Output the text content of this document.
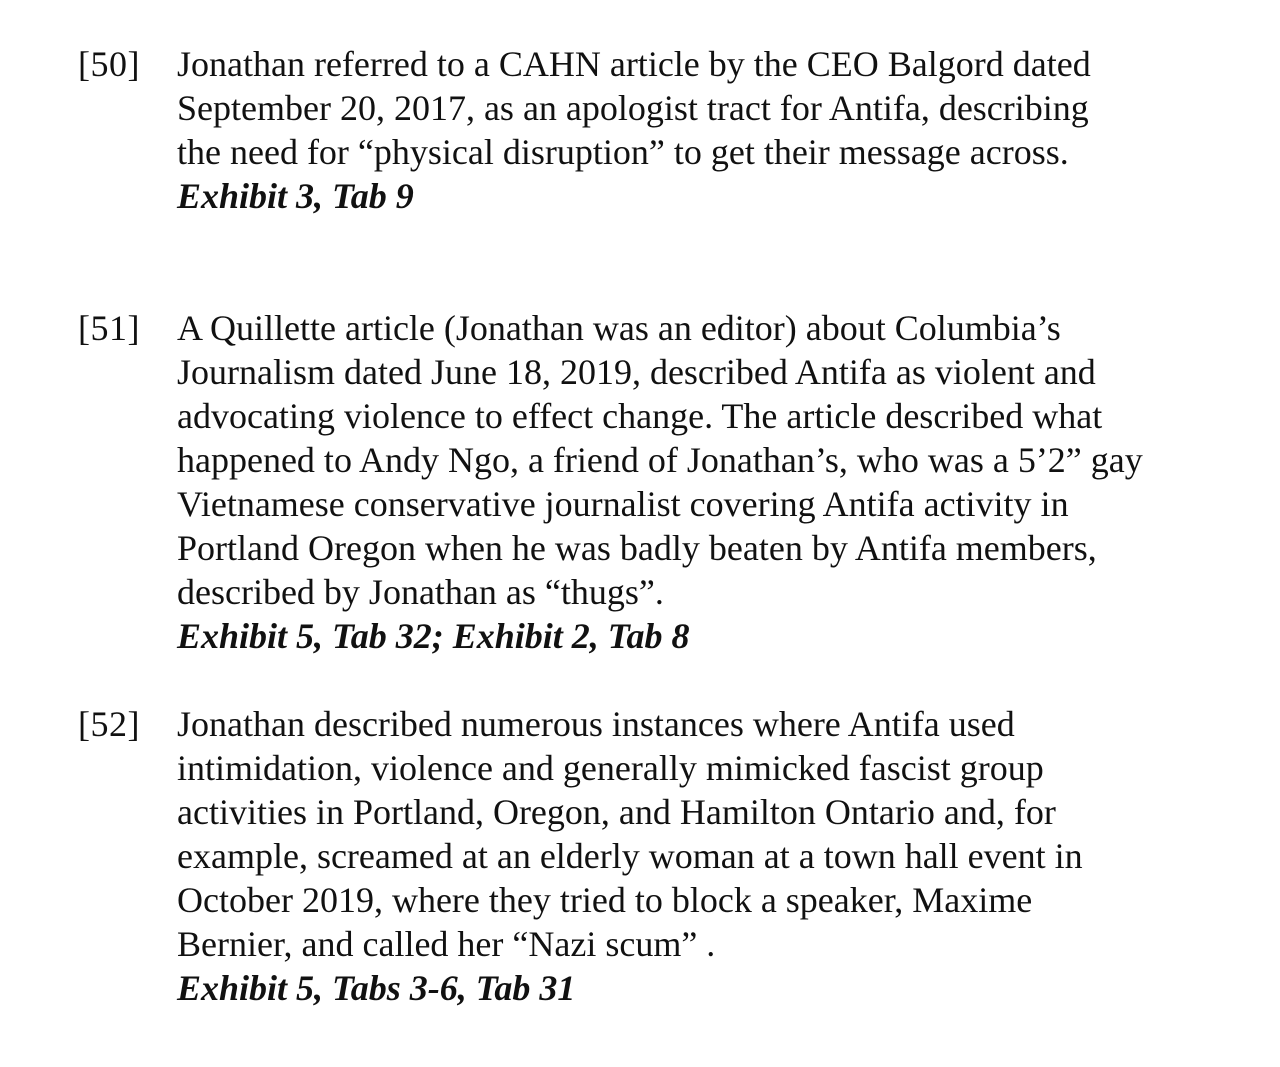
[50] Jonathan referred to a CAHN article by the CEO Balgord dated
September 20, 2017, as an apologist tract for Antifa, describing
the need for “physical disruption” to get their message across.
Exhibit 3, Tab 9
[51] A Quillette article (Jonathan was an editor) about Columbia’s
Journalism dated June 18, 2019, described Antifa as violent and
advocating violence to effect change. The article described what
happened to Andy Ngo, a friend of Jonathan’s, who was a 5’2” gay
Vietnamese conservative journalist covering Antifa activity in
Portland Oregon when he was badly beaten by Antifa members,
described by Jonathan as “thugs”.
Exhibit 5, Tab 32; Exhibit 2, Tab 8
[52] Jonathan described numerous instances where Antifa used
intimidation, violence and generally mimicked fascist group
activities in Portland, Oregon, and Hamilton Ontario and, for
example, screamed at an elderly woman at a town hall event in
October 2019, where they tried to block a speaker, Maxime
Bernier, and called her “Nazi scum” .
Exhibit 5, Tabs 3-6, Tab 31
